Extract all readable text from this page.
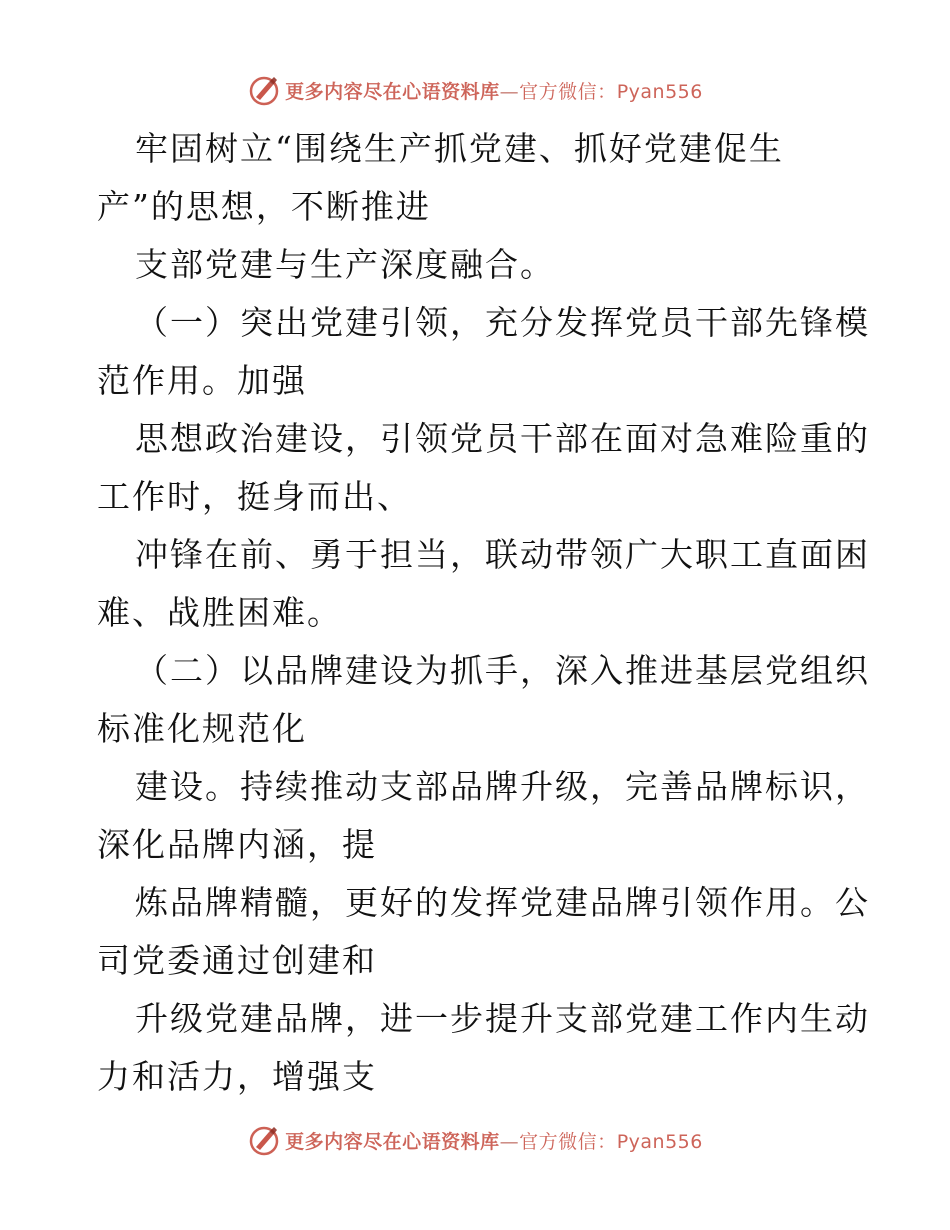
更多内容尽在心语资料库—官方微信：Pyan556
牢固树立“围绕生产抓党建、抓好党建促生
产”的思想，不断推进
支部党建与生产深度融合。
（一）突出党建引领，充分发挥党员干部先锋模
范作用。加强
思想政治建设，引领党员干部在面对急难险重的
工作时，挺身而出、
冲锋在前、勇于担当，联动带领广大职工直面困
难、战胜困难。
（二）以品牌建设为抓手，深入推进基层党组织
标准化规范化
建设。持续推动支部品牌升级，完善品牌标识，
深化品牌内涵，提
炼品牌精髓，更好的发挥党建品牌引领作用。公
司党委通过创建和
升级党建品牌，进一步提升支部党建工作内生动
力和活力，增强支
更多内容尽在心语资料库—官方微信：Pyan556
